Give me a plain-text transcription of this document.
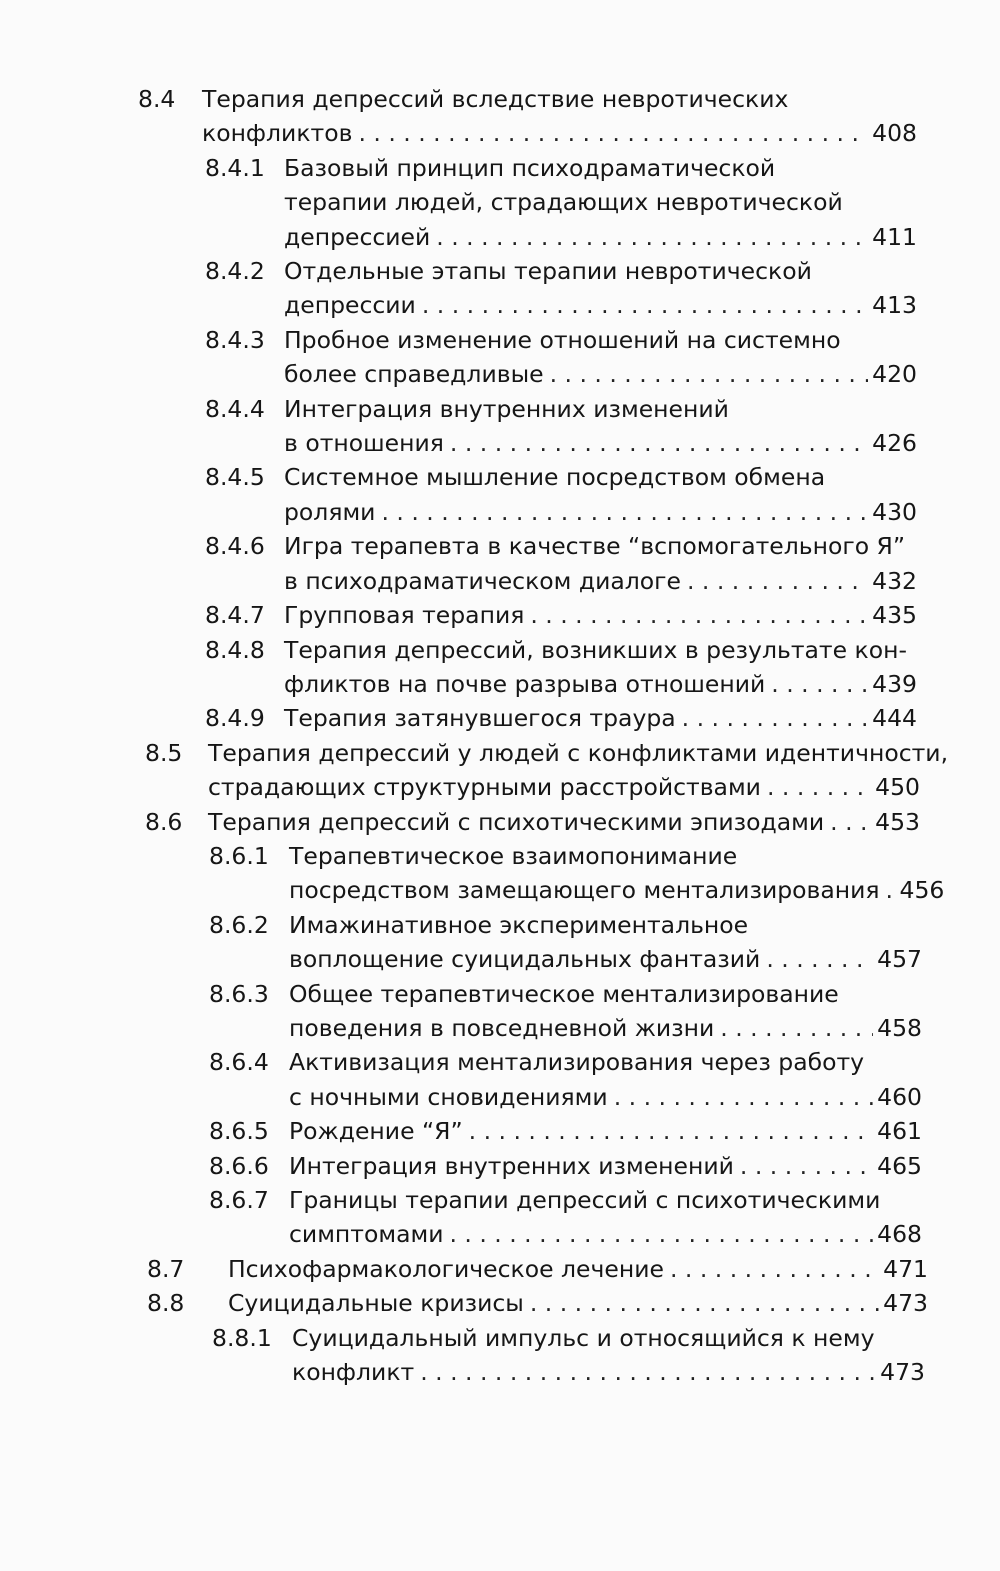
8.4 Терапия депрессий вследствие невротических
конфликтов . . .	408
8.4.1 Базовый принцип психодраматической
терапии людей, страдающих невротической
депрессией . . .	411
8.4.2 Отдельные этапы терапии невротической
депрессии . . .	413
8.4.3 Пробное изменение отношений на системно
более справедливые . . .	420
8.4.4 Интеграция внутренних изменений
в отношения . . .	426
8.4.5 Системное мышление посредством обмена
ролями . . .	430
8.4.6 Игра терапевта в качестве “вспомогательного Я”
в психодраматическом диалоге . . .	432
8.4.7 Групповая терапия . . .	435
8.4.8 Терапия депрессий, возникших в результате кон-
фликтов на почве разрыва отношений . . .	439
8.4.9 Терапия затянувшегося траура . . .	444
8.5 Терапия депрессий у людей с конфликтами идентичности,
страдающих структурными расстройствами . . .	450
8.6 Терапия депрессий с психотическими эпизодами . . . 453
8.6.1 Терапевтическое взаимопонимание
посредством замещающего ментализирования . . . 456
8.6.2 Имажинативное экспериментальное
воплощение суицидальных фантазий . . .	457
8.6.3 Общее терапевтическое ментализирование
поведения в повседневной жизни . . .	458
8.6.4 Активизация ментализирования через работу
с ночными сновидениями . . .	460
8.6.5 Рождение “Я” . . .	461
8.6.6 Интеграция внутренних изменений . . .	465
8.6.7 Границы терапии депрессий с психотическими
симптомами . . .	468
8.7 Психофармакологическое лечение . . .	471
8.8 Суицидальные кризисы . . .	473
8.8.1 Суицидальный импульс и относящийся к нему
конфликт . . .	473
